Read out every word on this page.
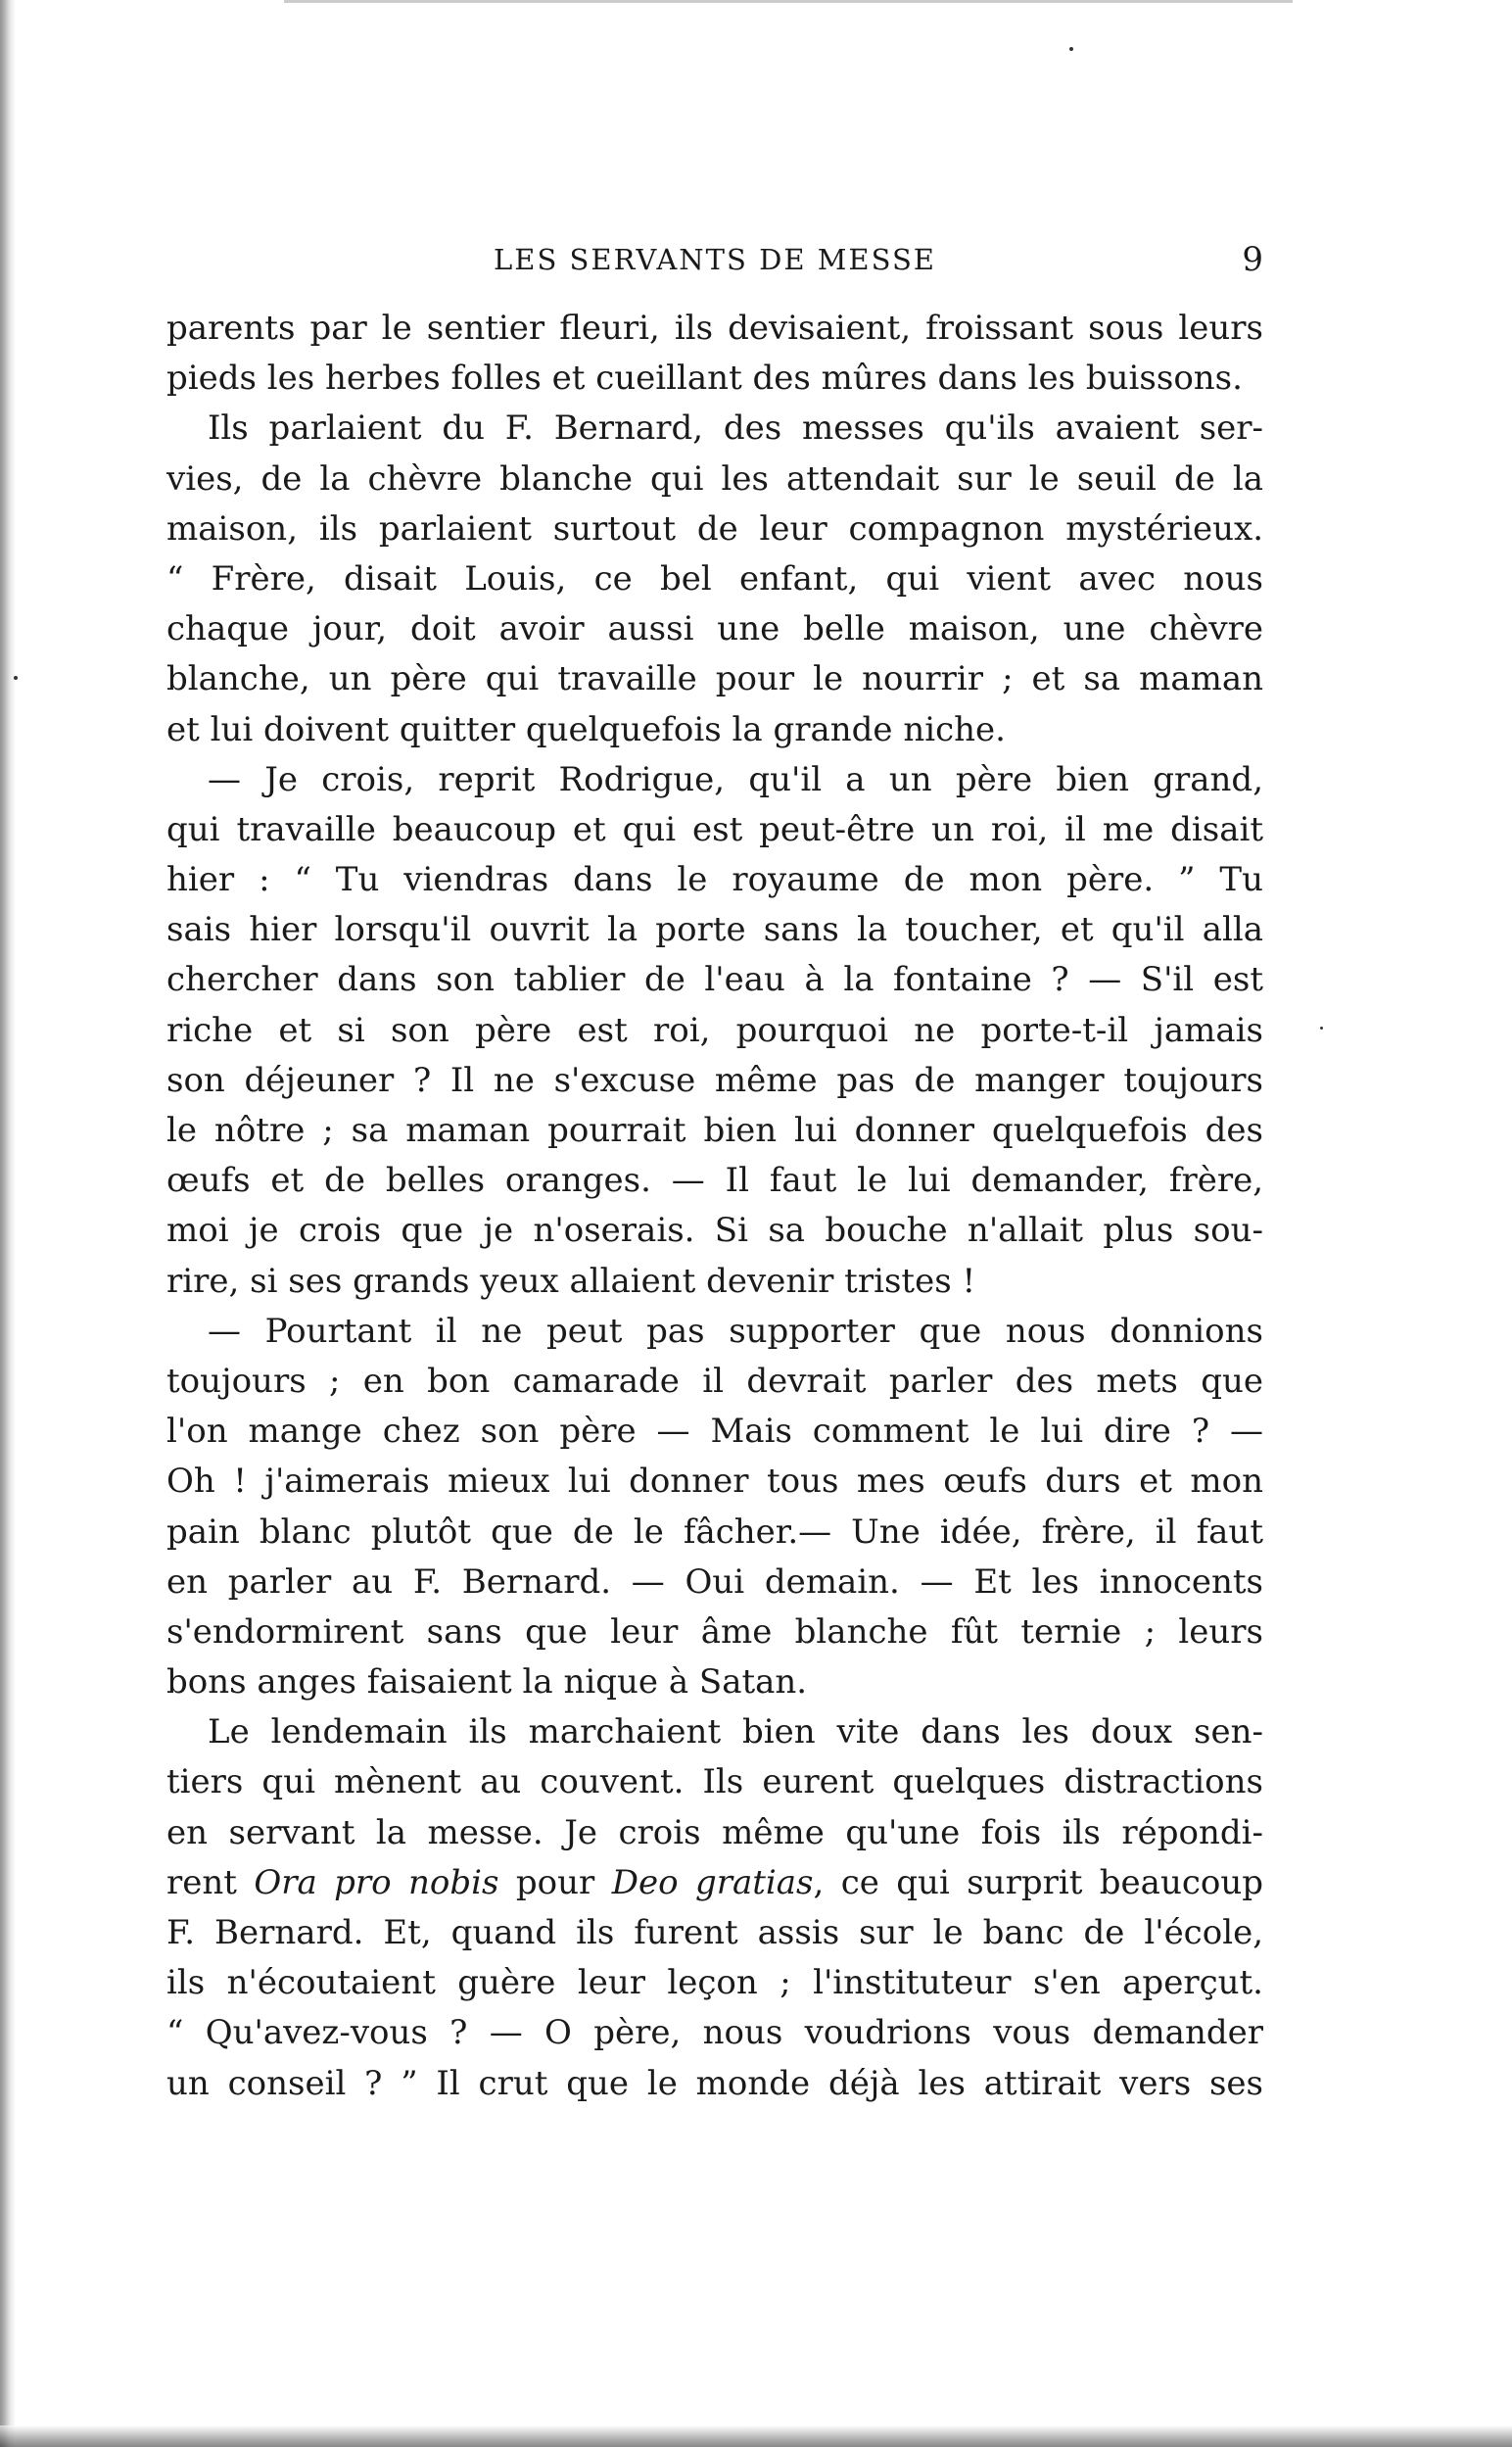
LES SERVANTS DE MESSE	9
parents par le sentier fleuri, ils devisaient, froissant sous leurs
pieds les herbes folles et cueillant des mûres dans les buissons.
Ils parlaient du F. Bernard, des messes qu'ils avaient ser-
vies, de la chèvre blanche qui les attendait sur le seuil de la
maison, ils parlaient surtout de leur compagnon mystérieux.
“ Frère, disait Louis, ce bel enfant, qui vient avec nous
chaque jour, doit avoir aussi une belle maison, une chèvre
blanche, un père qui travaille pour le nourrir ; et sa maman
et lui doivent quitter quelquefois la grande niche.
— Je crois, reprit Rodrigue, qu'il a un père bien grand,
qui travaille beaucoup et qui est peut-être un roi, il me disait
hier : “ Tu viendras dans le royaume de mon père. ” Tu
sais hier lorsqu'il ouvrit la porte sans la toucher, et qu'il alla
chercher dans son tablier de l'eau à la fontaine ? — S'il est
riche et si son père est roi, pourquoi ne porte-t-il jamais
son déjeuner ? Il ne s'excuse même pas de manger toujours
le nôtre ; sa maman pourrait bien lui donner quelquefois des
œufs et de belles oranges. — Il faut le lui demander, frère,
moi je crois que je n'oserais. Si sa bouche n'allait plus sou-
rire, si ses grands yeux allaient devenir tristes !
— Pourtant il ne peut pas supporter que nous donnions
toujours ; en bon camarade il devrait parler des mets que
l'on mange chez son père — Mais comment le lui dire ? —
Oh ! j'aimerais mieux lui donner tous mes œufs durs et mon
pain blanc plutôt que de le fâcher.— Une idée, frère, il faut
en parler au F. Bernard. — Oui demain. — Et les innocents
s'endormirent sans que leur âme blanche fût ternie ; leurs
bons anges faisaient la nique à Satan.
Le lendemain ils marchaient bien vite dans les doux sen-
tiers qui mènent au couvent. Ils eurent quelques distractions
en servant la messe. Je crois même qu'une fois ils répondi-
rent Ora pro nobis pour Deo gratias, ce qui surprit beaucoup
F. Bernard. Et, quand ils furent assis sur le banc de l'école,
ils n'écoutaient guère leur leçon ; l'instituteur s'en aperçut.
“ Qu'avez-vous ? — O père, nous voudrions vous demander
un conseil ? ” Il crut que le monde déjà les attirait vers ses
